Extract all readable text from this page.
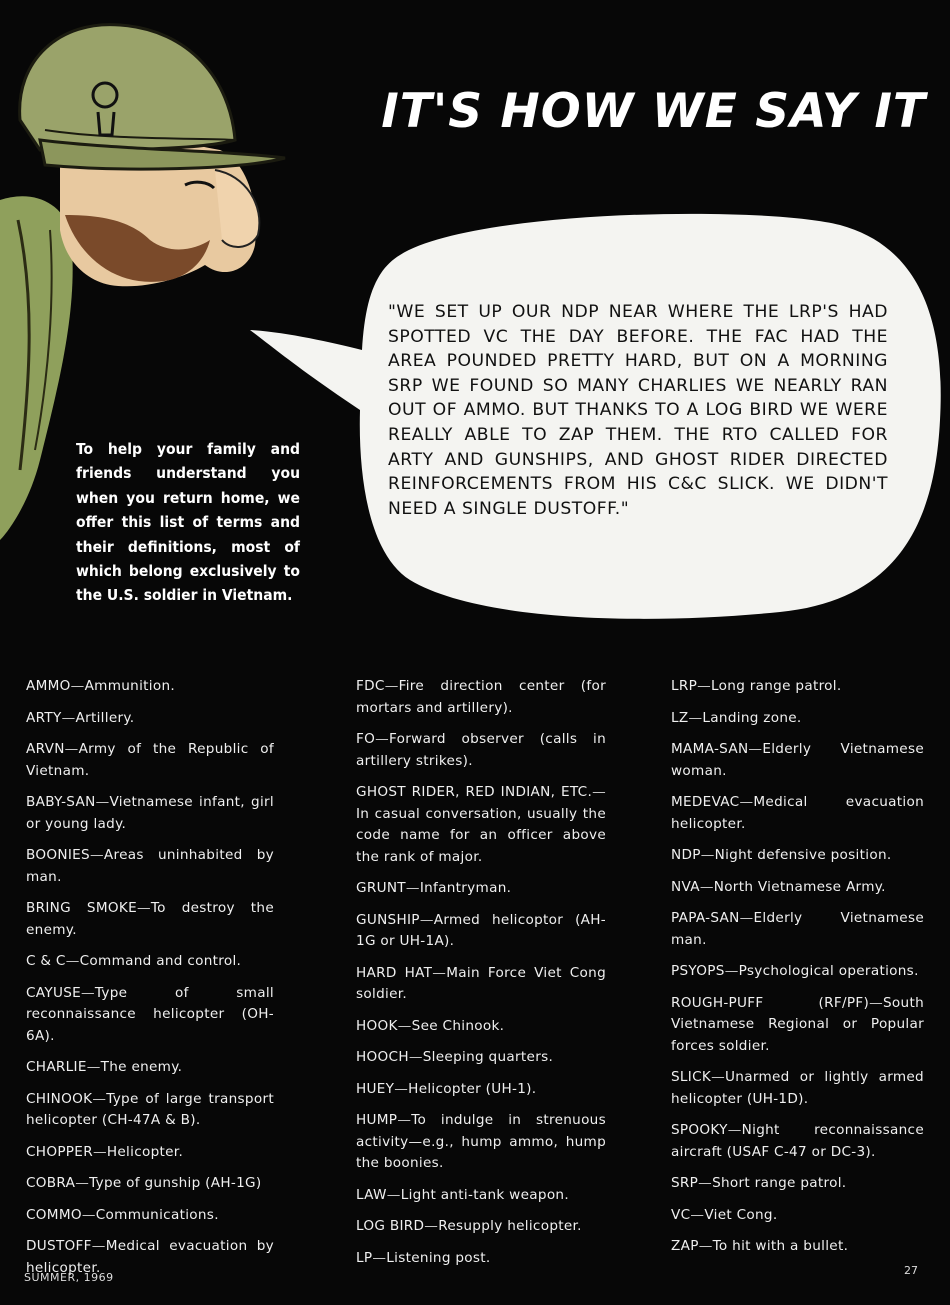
IT'S HOW WE SAY IT
"WE SET UP OUR NDP NEAR WHERE THE LRP'S HAD SPOTTED VC THE DAY BEFORE. THE FAC HAD THE AREA POUNDED PRETTY HARD, BUT ON A MORNING SRP WE FOUND SO MANY CHARLIES WE NEARLY RAN OUT OF AMMO. BUT THANKS TO A LOG BIRD WE WERE REALLY ABLE TO ZAP THEM. THE RTO CALLED FOR ARTY AND GUNSHIPS, AND GHOST RIDER DIRECTED REINFORCEMENTS FROM HIS C&C SLICK. WE DIDN'T NEED A SINGLE DUSTOFF."
To help your family and friends understand you when you return home, we offer this list of terms and their definitions, most of which belong exclusively to the U.S. soldier in Vietnam.

AMMO—Ammunition.

ARTY—Artillery.

ARVN—Army of the Republic of Vietnam.

BABY-SAN—Vietnamese infant, girl or young lady.

BOONIES—Areas uninhabited by man.

BRING SMOKE—To destroy the enemy.

C & C—Command and control.

CAYUSE—Type of small reconnaissance helicopter (OH-6A).

CHARLIE—The enemy.

CHINOOK—Type of large transport helicopter (CH-47A & B).

CHOPPER—Helicopter.

COBRA—Type of gunship (AH-1G)

COMMO—Communications.

DUSTOFF—Medical evacuation by helicopter.

FDC—Fire direction center (for mortars and artillery).

FO—Forward observer (calls in artillery strikes).

GHOST RIDER, RED INDIAN, ETC.—In casual conversation, usually the code name for an officer above the rank of major.

GRUNT—Infantryman.

GUNSHIP—Armed helicoptor (AH-1G or UH-1A).

HARD HAT—Main Force Viet Cong soldier.

HOOK—See Chinook.

HOOCH—Sleeping quarters.

HUEY—Helicopter (UH-1).

HUMP—To indulge in strenuous activity—e.g., hump ammo, hump the boonies.

LAW—Light anti-tank weapon.

LOG BIRD—Resupply helicopter.

LP—Listening post.

LRP—Long range patrol.

LZ—Landing zone.

MAMA-SAN—Elderly Vietnamese woman.

MEDEVAC—Medical evacuation helicopter.

NDP—Night defensive position.

NVA—North Vietnamese Army.

PAPA-SAN—Elderly Vietnamese man.

PSYOPS—Psychological operations.

ROUGH-PUFF (RF/PF)—South Vietnamese Regional or Popular forces soldier.

SLICK—Unarmed or lightly armed helicopter (UH-1D).

SPOOKY—Night reconnaissance aircraft (USAF C-47 or DC-3).

SRP—Short range patrol.

VC—Viet Cong.

ZAP—To hit with a bullet.

SUMMER, 1969
27
